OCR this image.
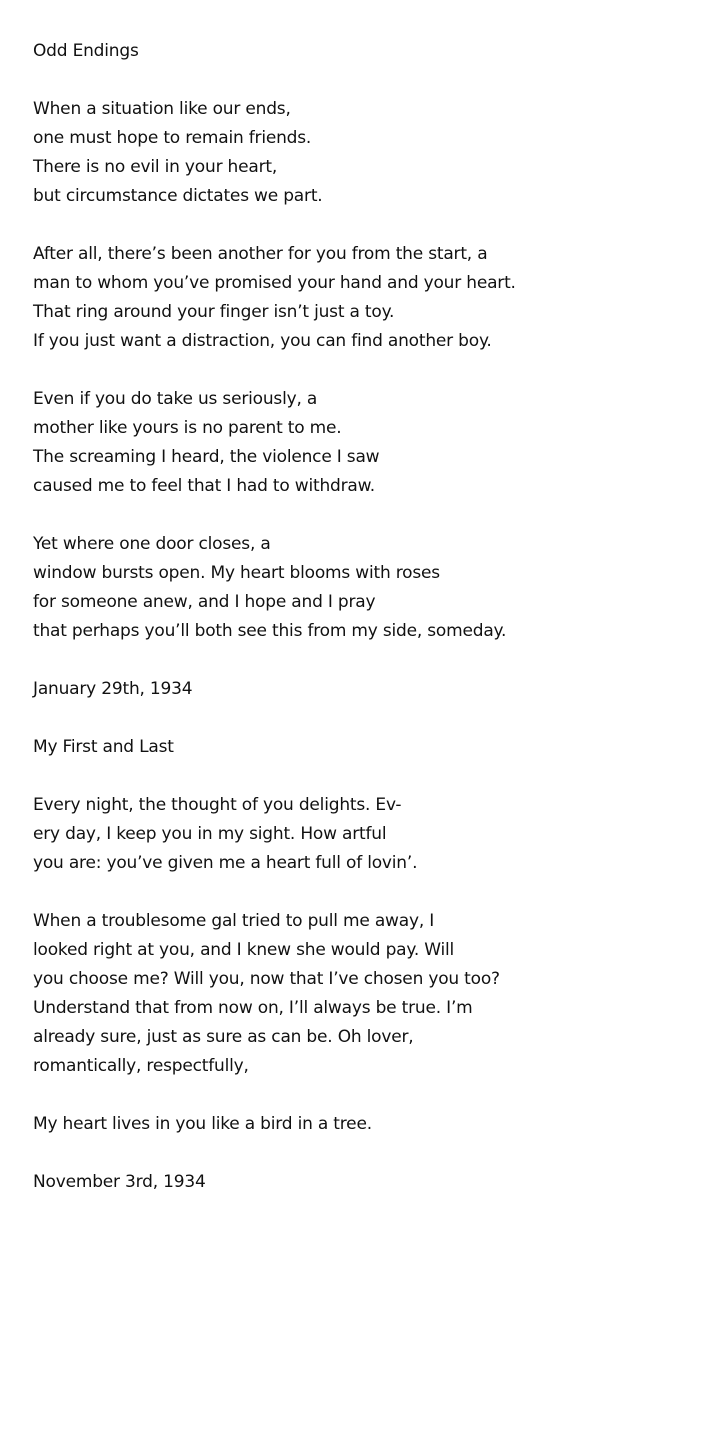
Odd Endings
When a situation like our ends,
one must hope to remain friends.
There is no evil in your heart,
but circumstance dictates we part.
After all, there’s been another for you from the start, a
man to whom you’ve promised your hand and your heart.
That ring around your finger isn’t just a toy.
If you just want a distraction, you can find another boy.
Even if you do take us seriously, a
mother like yours is no parent to me.
The screaming I heard, the violence I saw
caused me to feel that I had to withdraw.
Yet where one door closes, a
window bursts open. My heart blooms with roses
for someone anew, and I hope and I pray
that perhaps you’ll both see this from my side, someday.
January 29th, 1934
My First and Last
Every night, the thought of you delights. Ev-
ery day, I keep you in my sight. How artful
you are: you’ve given me a heart full of lovin’.
When a troublesome gal tried to pull me away, I
looked right at you, and I knew she would pay. Will
you choose me? Will you, now that I’ve chosen you too?
Understand that from now on, I’ll always be true. I’m
already sure, just as sure as can be. Oh lover,
romantically, respectfully,
My heart lives in you like a bird in a tree.
November 3rd, 1934
